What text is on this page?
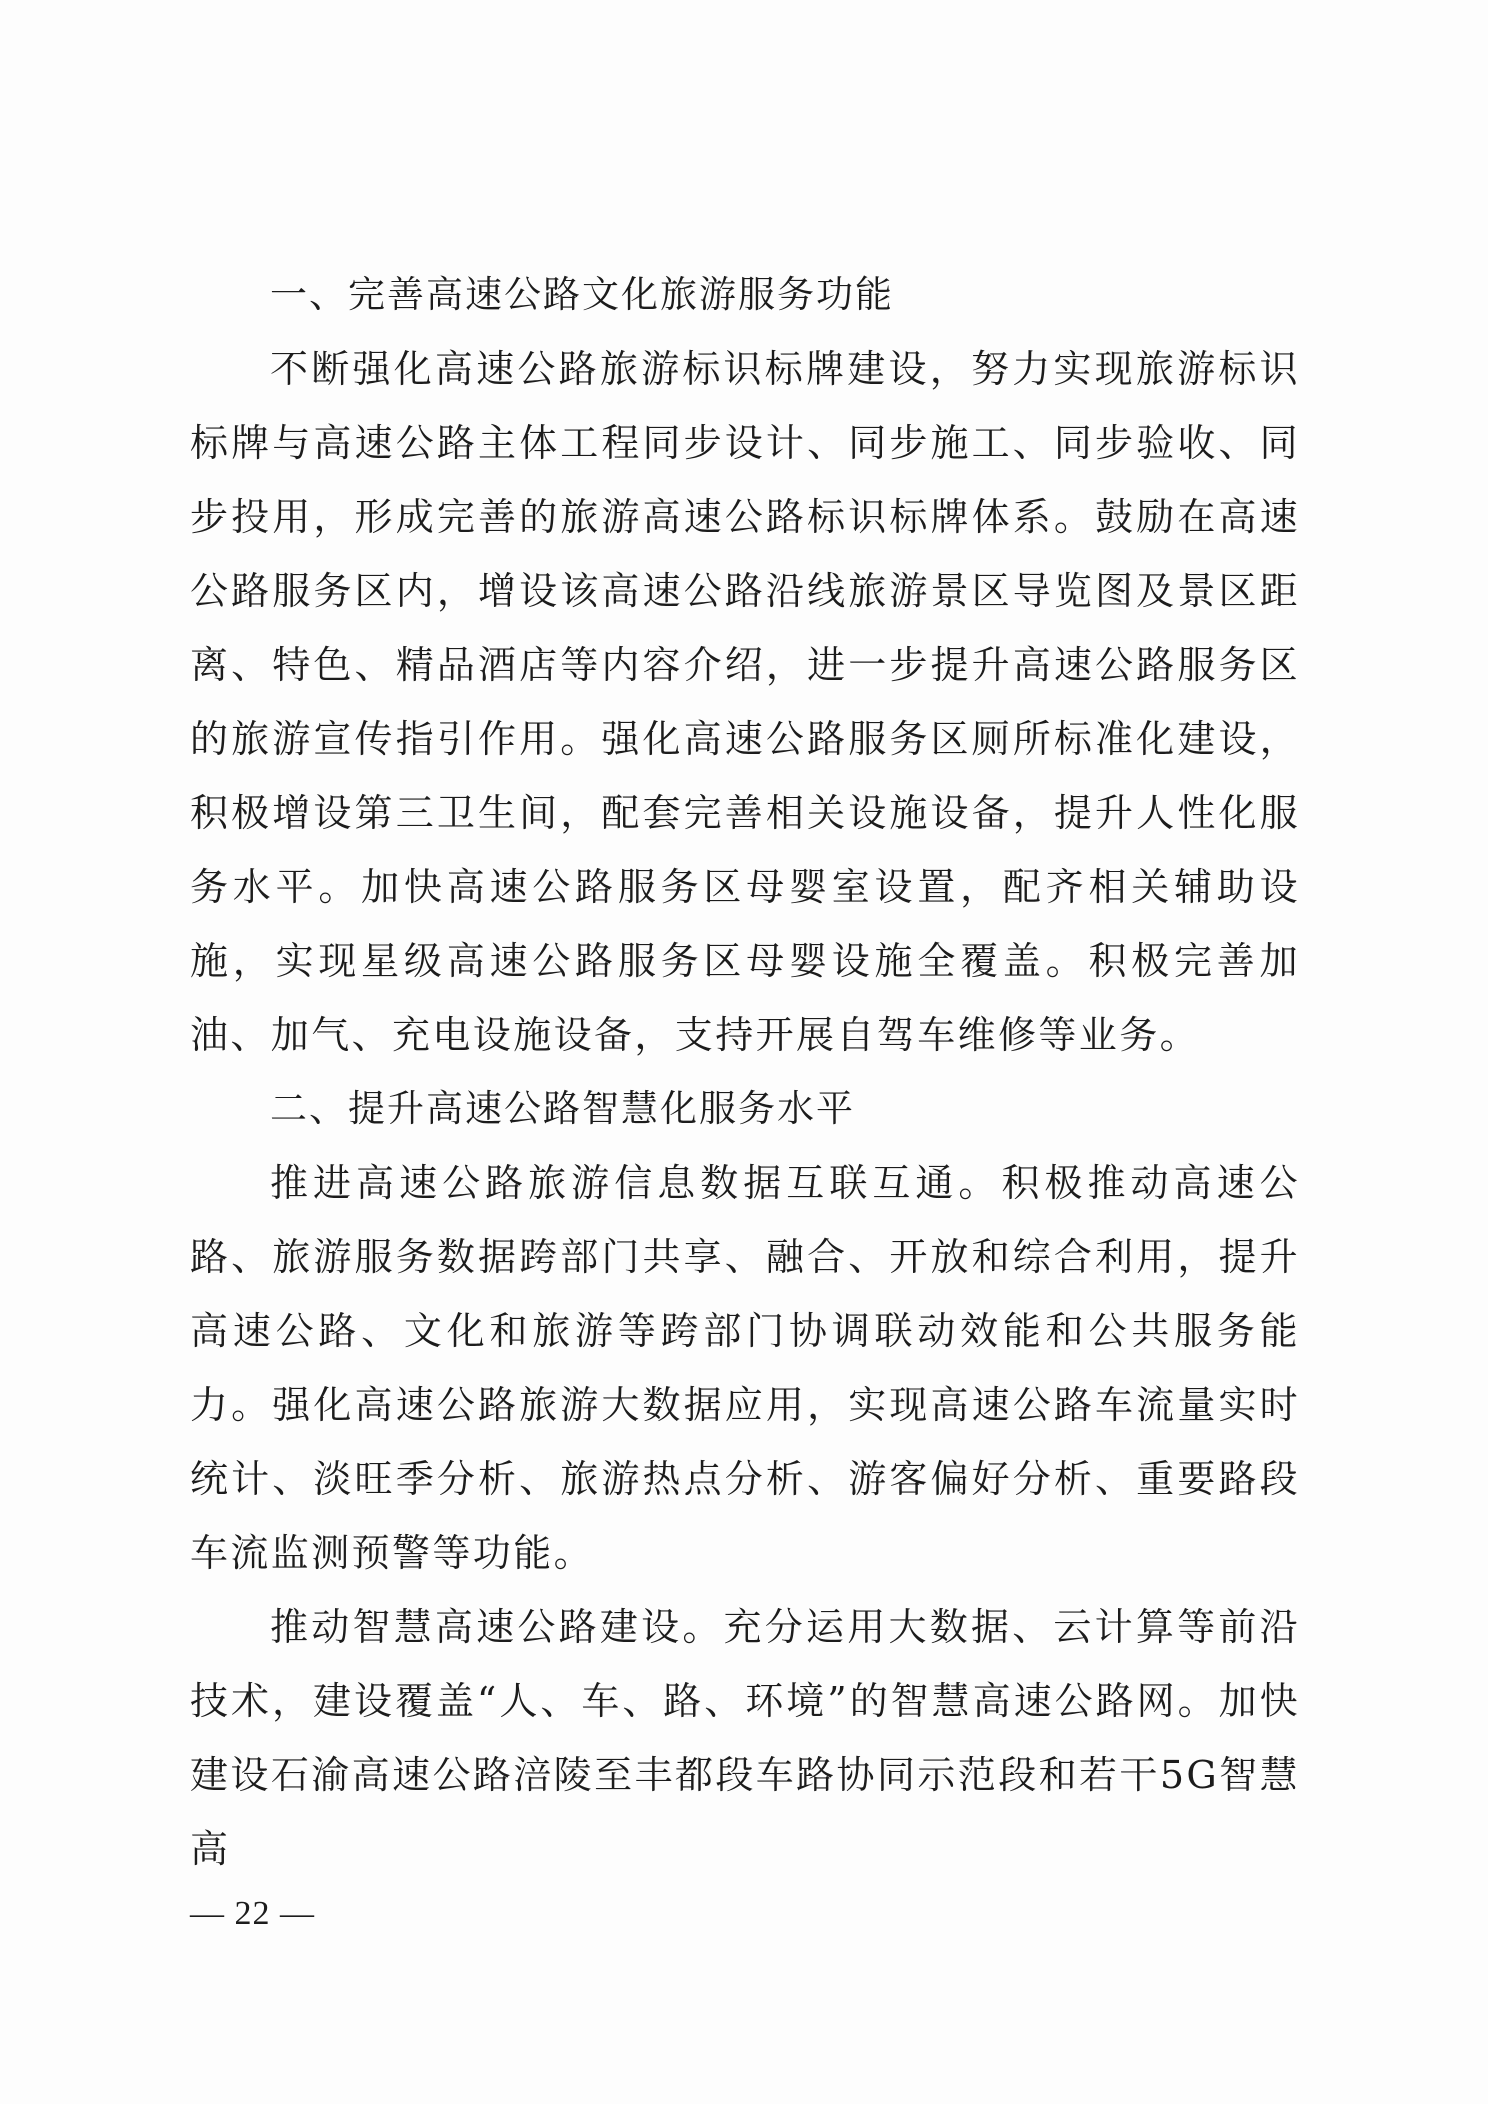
一、完善高速公路文化旅游服务功能

不断强化高速公路旅游标识标牌建设，努力实现旅游标识标牌与高速公路主体工程同步设计、同步施工、同步验收、同步投用，形成完善的旅游高速公路标识标牌体系。鼓励在高速公路服务区内，增设该高速公路沿线旅游景区导览图及景区距离、特色、精品酒店等内容介绍，进一步提升高速公路服务区的旅游宣传指引作用。强化高速公路服务区厕所标准化建设，积极增设第三卫生间，配套完善相关设施设备，提升人性化服务水平。加快高速公路服务区母婴室设置，配齐相关辅助设施，实现星级高速公路服务区母婴设施全覆盖。积极完善加油、加气、充电设施设备，支持开展自驾车维修等业务。

二、提升高速公路智慧化服务水平

推进高速公路旅游信息数据互联互通。积极推动高速公路、旅游服务数据跨部门共享、融合、开放和综合利用，提升高速公路、文化和旅游等跨部门协调联动效能和公共服务能力。强化高速公路旅游大数据应用，实现高速公路车流量实时统计、淡旺季分析、旅游热点分析、游客偏好分析、重要路段车流监测预警等功能。

推动智慧高速公路建设。充分运用大数据、云计算等前沿技术，建设覆盖“人、车、路、环境”的智慧高速公路网。加快建设石渝高速公路涪陵至丰都段车路协同示范段和若干5G智慧高

— 22 —
